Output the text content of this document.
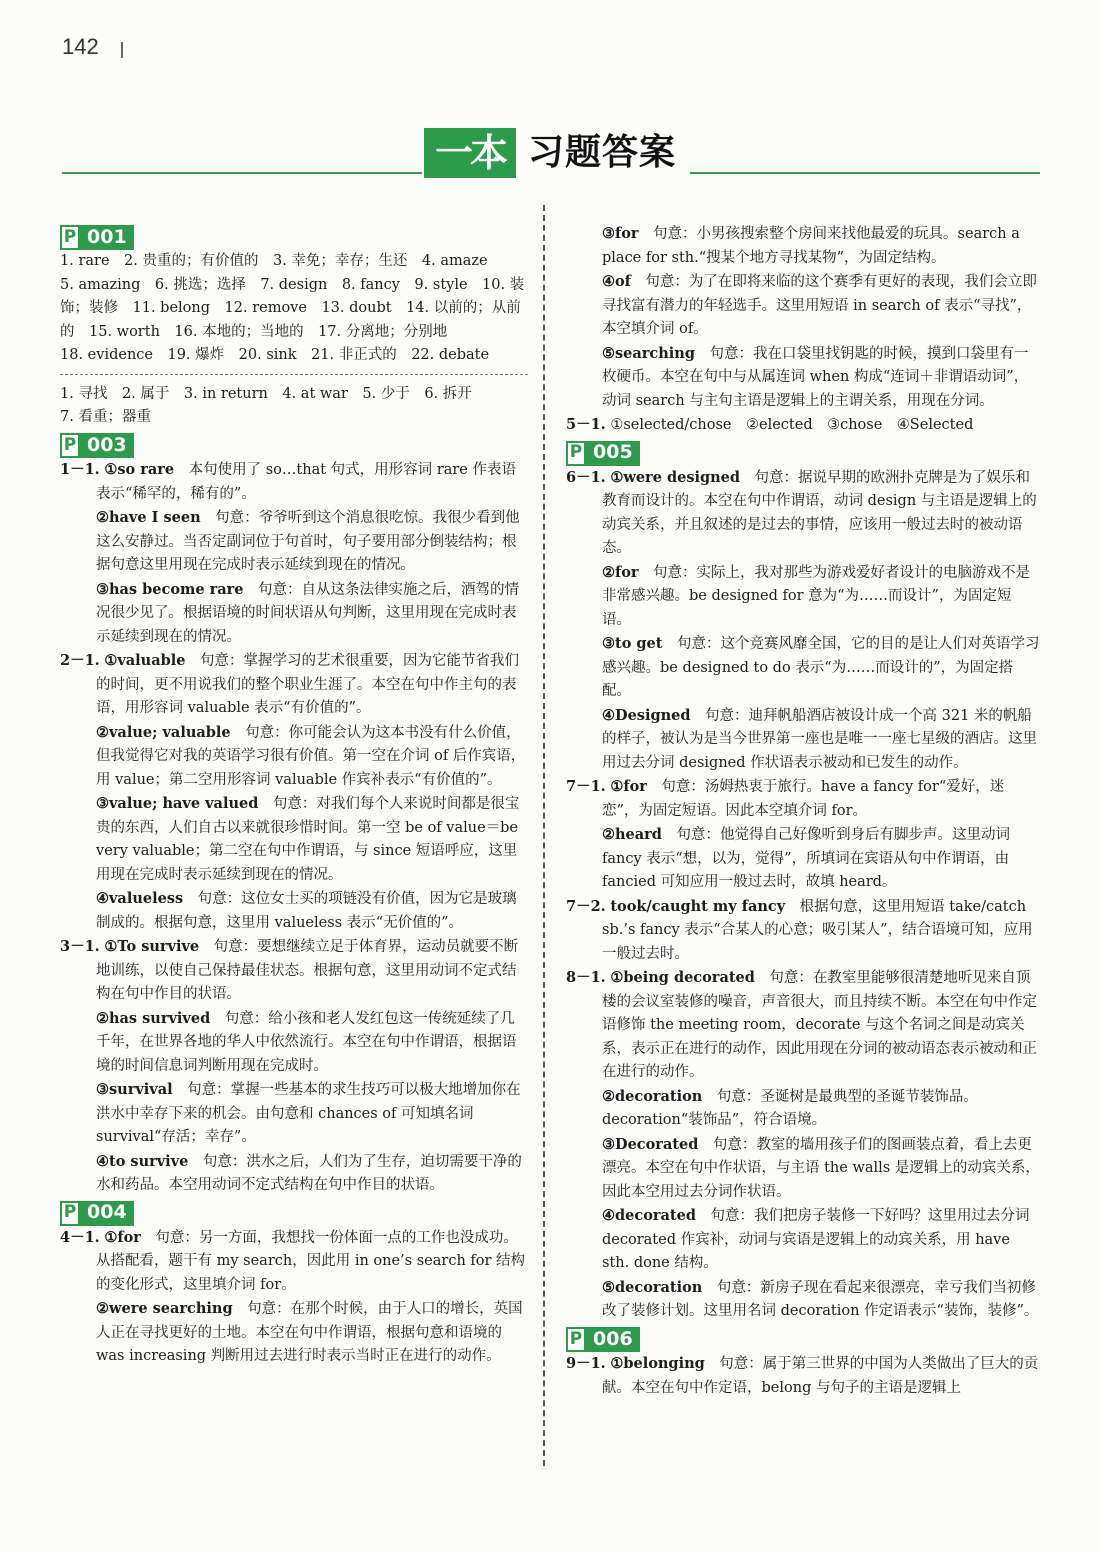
142
一本 习题答案
P 001
1. rare　2. 贵重的；有价值的　3. 幸免；幸存；生还　4. amaze
5. amazing　6. 挑选；选择　7. design　8. fancy　9. style　10. 装
饰；装修　11. belong　12. remove　13. doubt　14. 以前的；从前
的　15. worth　16. 本地的；当地的　17. 分离地；分别地
18. evidence　19. 爆炸　20. sink　21. 非正式的　22. debate
1. 寻找　2. 属于　3. in return　4. at war　5. 少于　6. 拆开
7. 看重；器重
P 003
1－1. ①so rare　本句使用了 so…that 句式，用形容词 rare 作表语表示“稀罕的，稀有的”。
②have I seen　句意：爷爷听到这个消息很吃惊。我很少看到他这么安静过。当否定副词位于句首时，句子要用部分倒装结构；根据句意这里用现在完成时表示延续到现在的情况。
③has become rare　句意：自从这条法律实施之后，酒驾的情况很少见了。根据语境的时间状语从句判断，这里用现在完成时表示延续到现在的情况。
2－1. ①valuable　句意：掌握学习的艺术很重要，因为它能节省我们的时间，更不用说我们的整个职业生涯了。本空在句中作主句的表语，用形容词 valuable 表示“有价值的”。
②value; valuable　句意：你可能会认为这本书没有什么价值，但我觉得它对我的英语学习很有价值。第一空在介词 of 后作宾语，用 value；第二空用形容词 valuable 作宾补表示“有价值的”。
③value; have valued　句意：对我们每个人来说时间都是很宝贵的东西，人们自古以来就很珍惜时间。第一空 be of value＝be very valuable；第二空在句中作谓语，与 since 短语呼应，这里用现在完成时表示延续到现在的情况。
④valueless　句意：这位女士买的项链没有价值，因为它是玻璃制成的。根据句意，这里用 valueless 表示“无价值的”。
3－1. ①To survive　句意：要想继续立足于体育界，运动员就要不断地训练，以使自己保持最佳状态。根据句意，这里用动词不定式结构在句中作目的状语。
②has survived　句意：给小孩和老人发红包这一传统延续了几千年，在世界各地的华人中依然流行。本空在句中作谓语，根据语境的时间信息词判断用现在完成时。
③survival　句意：掌握一些基本的求生技巧可以极大地增加你在洪水中幸存下来的机会。由句意和 chances of 可知填名词 survival“存活；幸存”。
④to survive　句意：洪水之后，人们为了生存，迫切需要干净的水和药品。本空用动词不定式结构在句中作目的状语。
P 004
4－1. ①for　句意：另一方面，我想找一份体面一点的工作也没成功。从搭配看，题干有 my search，因此用 in one’s search for 结构的变化形式，这里填介词 for。
②were searching　句意：在那个时候，由于人口的增长，英国人正在寻找更好的土地。本空在句中作谓语，根据句意和语境的 was increasing 判断用过去进行时表示当时正在进行的动作。
③for　句意：小男孩搜索整个房间来找他最爱的玩具。search a place for sth.“搜某个地方寻找某物”，为固定结构。
④of　句意：为了在即将来临的这个赛季有更好的表现，我们会立即寻找富有潜力的年轻选手。这里用短语 in search of 表示“寻找”，本空填介词 of。
⑤searching　句意：我在口袋里找钥匙的时候，摸到口袋里有一枚硬币。本空在句中与从属连词 when 构成“连词＋非谓语动词”，动词 search 与主句主语是逻辑上的主谓关系，用现在分词。
5－1. ①selected/chose　②elected　③chose　④Selected
P 005
6－1. ①were designed　句意：据说早期的欧洲扑克牌是为了娱乐和教育而设计的。本空在句中作谓语，动词 design 与主语是逻辑上的动宾关系，并且叙述的是过去的事情，应该用一般过去时的被动语态。
②for　句意：实际上，我对那些为游戏爱好者设计的电脑游戏不是非常感兴趣。be designed for 意为“为……而设计”，为固定短语。
③to get　句意：这个竞赛风靡全国，它的目的是让人们对英语学习感兴趣。be designed to do 表示“为……而设计的”，为固定搭配。
④Designed　句意：迪拜帆船酒店被设计成一个高 321 米的帆船的样子，被认为是当今世界第一座也是唯一一座七星级的酒店。这里用过去分词 designed 作状语表示被动和已发生的动作。
7－1. ①for　句意：汤姆热衷于旅行。have a fancy for“爱好，迷恋”，为固定短语。因此本空填介词 for。
②heard　句意：他觉得自己好像听到身后有脚步声。这里动词 fancy 表示“想，以为，觉得”，所填词在宾语从句中作谓语，由 fancied 可知应用一般过去时，故填 heard。
7－2. took/caught my fancy　根据句意，这里用短语 take/catch sb.’s fancy 表示“合某人的心意；吸引某人”，结合语境可知，应用一般过去时。
8－1. ①being decorated　句意：在教室里能够很清楚地听见来自顶楼的会议室装修的噪音，声音很大，而且持续不断。本空在句中作定语修饰 the meeting room，decorate 与这个名词之间是动宾关系，表示正在进行的动作，因此用现在分词的被动语态表示被动和正在进行的动作。
②decoration　句意：圣诞树是最典型的圣诞节装饰品。decoration“装饰品”，符合语境。
③Decorated　句意：教室的墙用孩子们的图画装点着，看上去更漂亮。本空在句中作状语，与主语 the walls 是逻辑上的动宾关系，因此本空用过去分词作状语。
④decorated　句意：我们把房子装修一下好吗？这里用过去分词 decorated 作宾补，动词与宾语是逻辑上的动宾关系，用 have sth. done 结构。
⑤decoration　句意：新房子现在看起来很漂亮，幸亏我们当初修改了装修计划。这里用名词 decoration 作定语表示“装饰，装修”。
P 006
9－1. ①belonging　句意：属于第三世界的中国为人类做出了巨大的贡献。本空在句中作定语，belong 与句子的主语是逻辑上
